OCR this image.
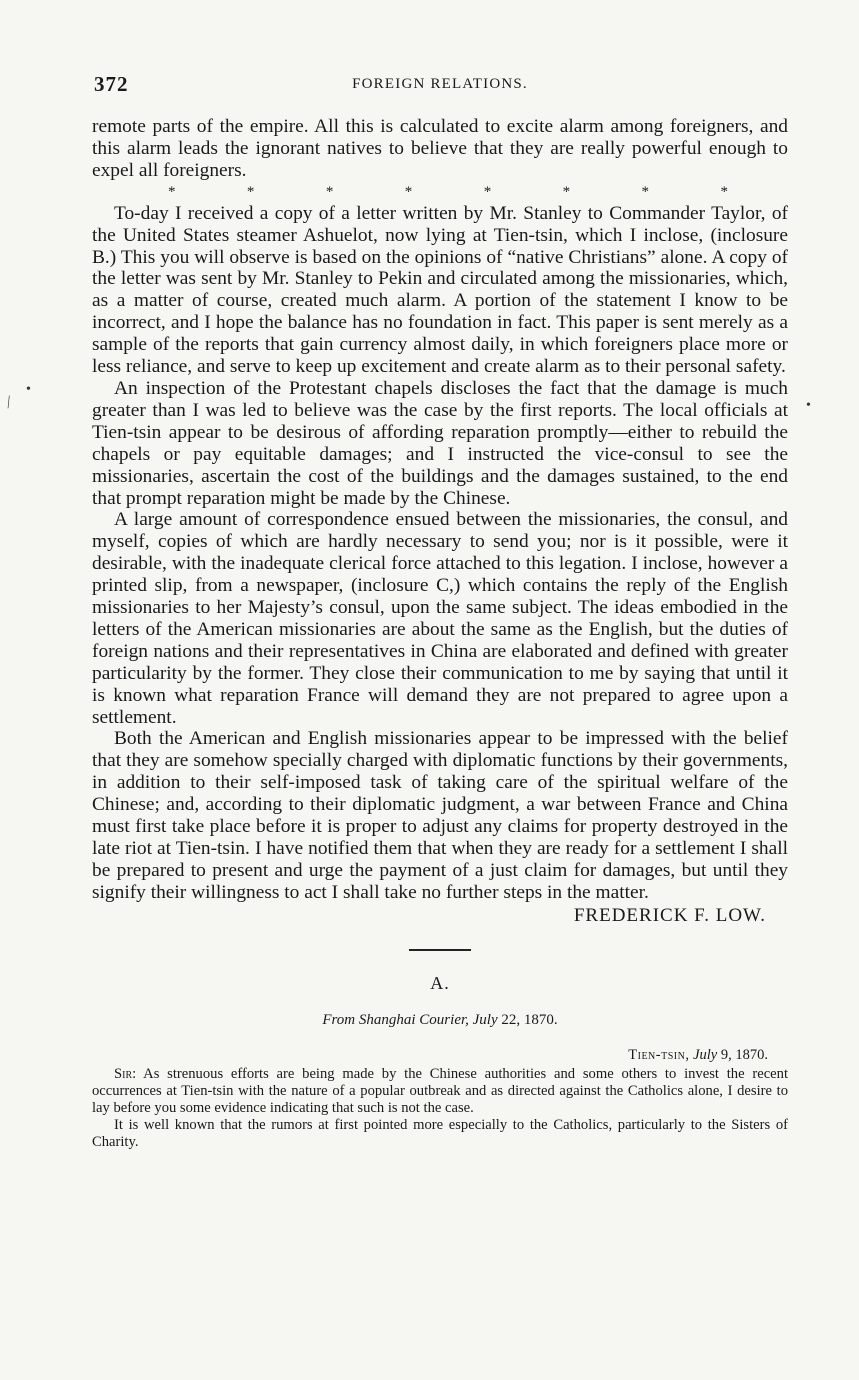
•
⁄	•
372	FOREIGN RELATIONS.

remote parts of the empire. All this is calculated to excite alarm among foreigners, and this alarm leads the ignorant natives to believe that they are really powerful enough to expel all foreigners.

*	*	*	*	*	*	*	*

To-day I received a copy of a letter written by Mr. Stanley to Commander Taylor, of the United States steamer Ashuelot, now lying at Tien-tsin, which I inclose, (inclosure B.) This you will observe is based on the opinions of “native Christians” alone. A copy of the letter was sent by Mr. Stanley to Pekin and circulated among the missionaries, which, as a matter of course, created much alarm. A portion of the statement I know to be incorrect, and I hope the balance has no foundation in fact. This paper is sent merely as a sample of the reports that gain currency almost daily, in which foreigners place more or less reliance, and serve to keep up excitement and create alarm as to their personal safety.

An inspection of the Protestant chapels discloses the fact that the damage is much greater than I was led to believe was the case by the first reports. The local officials at Tien-tsin appear to be desirous of affording reparation promptly—either to rebuild the chapels or pay equitable damages; and I instructed the vice-consul to see the missionaries, ascertain the cost of the buildings and the damages sustained, to the end that prompt reparation might be made by the Chinese.

A large amount of correspondence ensued between the missionaries, the consul, and myself, copies of which are hardly necessary to send you; nor is it possible, were it desirable, with the inadequate clerical force attached to this legation. I inclose, however a printed slip, from a newspaper, (inclosure C,) which contains the reply of the English missionaries to her Majesty’s consul, upon the same subject. The ideas embodied in the letters of the American missionaries are about the same as the English, but the duties of foreign nations and their representatives in China are elaborated and defined with greater particularity by the former. They close their communication to me by saying that until it is known what reparation France will demand they are not prepared to agree upon a settlement.

Both the American and English missionaries appear to be impressed with the belief that they are somehow specially charged with diplomatic functions by their governments, in addition to their self-imposed task of taking care of the spiritual welfare of the Chinese; and, according to their diplomatic judgment, a war between France and China must first take place before it is proper to adjust any claims for property destroyed in the late riot at Tien-tsin. I have notified them that when they are ready for a settlement I shall be prepared to present and urge the payment of a just claim for damages, but until they signify their willingness to act I shall take no further steps in the matter.

FREDERICK F. LOW.
A.
From Shanghai Courier, July 22, 1870.
Tien-tsin, July 9, 1870.

Sir: As strenuous efforts are being made by the Chinese authorities and some others to invest the recent occurrences at Tien-tsin with the nature of a popular outbreak and as directed against the Catholics alone, I desire to lay before you some evidence indicating that such is not the case.

It is well known that the rumors at first pointed more especially to the Catholics, particularly to the Sisters of Charity.
